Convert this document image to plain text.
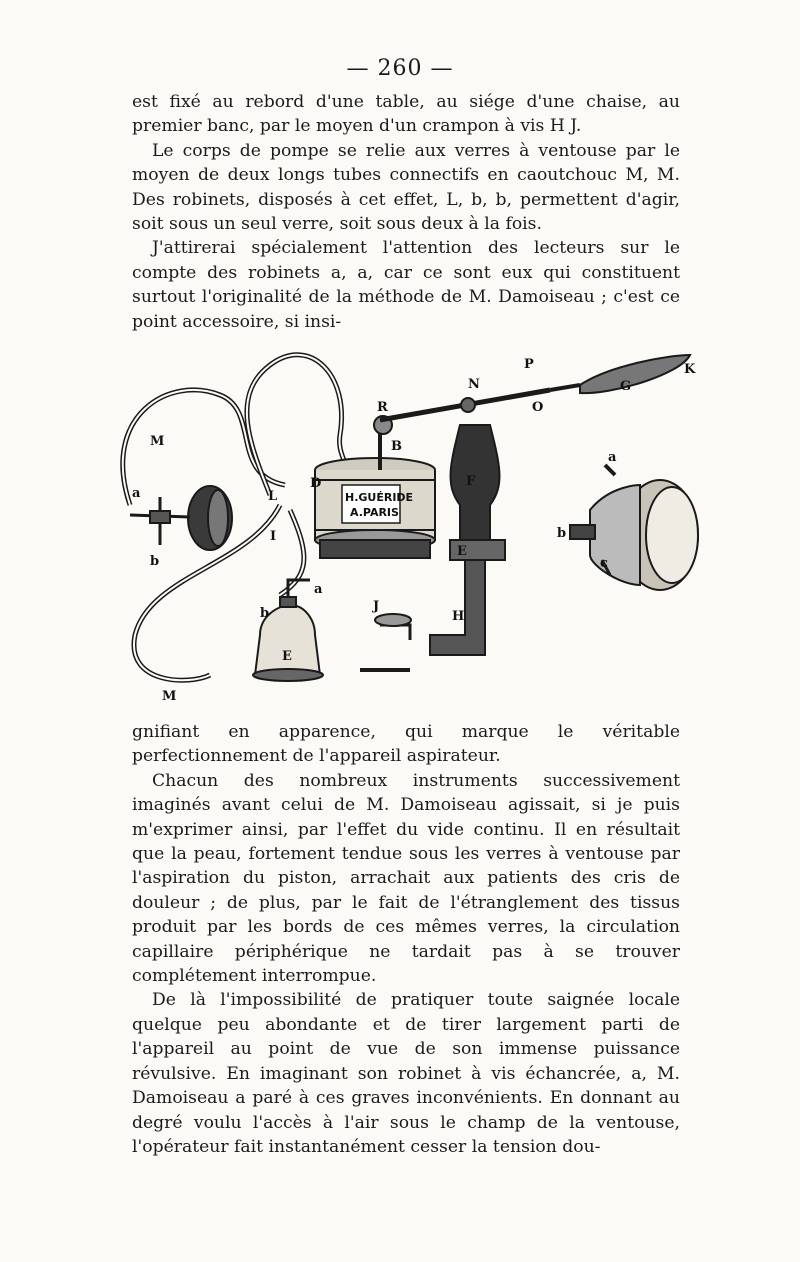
— 260 —

est fixé au rebord d'une table, au siége d'une chaise, au premier banc, par le moyen d'un crampon à vis H J.

Le corps de pompe se relie aux verres à ventouse par le moyen de deux longs tubes connectifs en caoutchouc M, M. Des robinets, disposés à cet effet, L, b, b, permettent d'agir, soit sous un seul verre, soit sous deux à la fois.

J'attirerai spécialement l'attention des lecteurs sur le compte des robinets a, a, car ce sont eux qui constituent surtout l'originalité de la méthode de M. Damoiseau ; c'est ce point accessoire, si insi-

M
M
a
b
L
D
I
R
B
N
P
O
G
K
F
E
H
J
b
a
E
a
b
c
H.GUÉRIDE
A.PARIS

gnifiant en apparence, qui marque le véritable perfectionnement de l'appareil aspirateur.

Chacun des nombreux instruments successivement imaginés avant celui de M. Damoiseau agissait, si je puis m'exprimer ainsi, par l'effet du vide continu. Il en résultait que la peau, fortement tendue sous les verres à ventouse par l'aspiration du piston, arrachait aux patients des cris de douleur ; de plus, par le fait de l'étranglement des tissus produit par les bords de ces mêmes verres, la circulation capillaire périphérique ne tardait pas à se trouver complétement interrompue.

De là l'impossibilité de pratiquer toute saignée locale quelque peu abondante et de tirer largement parti de l'appareil au point de vue de son immense puissance révulsive. En imaginant son robinet à vis échancrée, a, M. Damoiseau a paré à ces graves inconvénients. En donnant au degré voulu l'accès à l'air sous le champ de la ventouse, l'opérateur fait instantanément cesser la tension dou-
